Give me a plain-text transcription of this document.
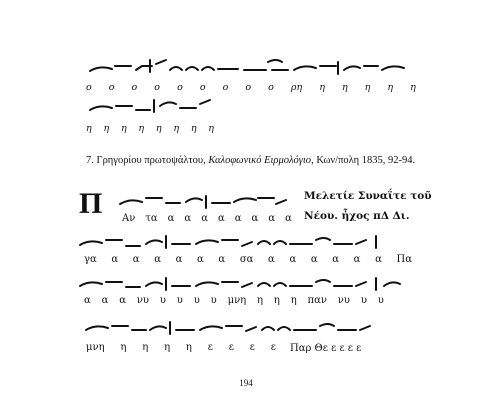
ο ο ο ο ο ο ο ο ο ρη η η η η η
η η η η η η η η
7. Γρηγορίου πρωτοψάλτου, Καλοφωνικό Ειρμολόγιο, Κων/πολη 1835, 92-94.
Π	Μελετίε Συναΐτε τοῦ
Νέου. ἦχος πΔ Δι.
Αν τα α α α α α α α α
γα α α α α α α σα α α α α α α Πα
α α α νυ υ υ υ υ μνη η η η παν νυ υ υ
μνη η η η η ε ε ε ε Παρ Θε ε ε ε ε
194
